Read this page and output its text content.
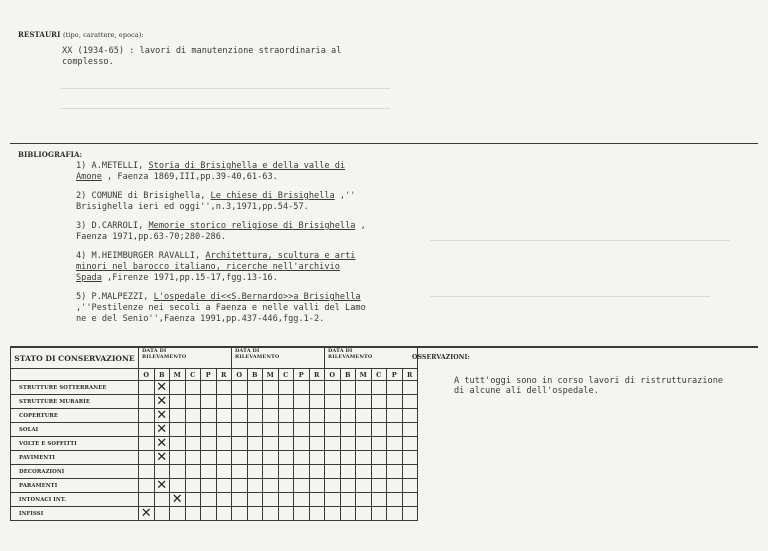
RESTAURI (tipo, carattere, epoca):
XX (1934-65) : lavori di manutenzione straordinaria al
complesso.
BIBLIOGRAFIA:
1) A.METELLI, Storia di Brisighella e della valle di
Amone , Faenza 1869,III,pp.39-40,61-63.
2) COMUNE di Brisighella, Le chiese di Brisighella ,''
Brisighella ieri ed oggi'',n.3,1971,pp.54-57.
3) D.CARROLI, Memorie storico religiose di Brisighella ,
Faenza 1971,pp.63-70;280-286.
4) M.HEIMBURGER RAVALLI, Architettura, scultura e arti
minori nel barocco italiano, ricerche nell'archivio
Spada ,Firenze 1971,pp.15-17,fgg.13-16.
5) P.MALPEZZI, L'ospedale di<<S.Bernardo>>a Brisighella
,''Pestilenze nei secoli a Faenza e nelle valli del Lamo
ne e del Senio'',Faenza 1991,pp.437-446,fgg.1-2.
STATO DI CONSERVAZIONE	DATA DI
RILEVAMENTO						DATA DI
RILEVAMENTO						DATA DI
RILEVAMENTO					
	O	B	M	C	P	R	O	B	M	C	P	R	O	B	M	C	P	R
STRUTTURE SOTTERRANEE		✕																
STRUTTURE MURARIE		✕																
COPERTURE		✕																
SOLAI		✕																
VOLTE E SOFFITTI		✕																
PAVIMENTI		✕																
DECORAZIONI																		
PARAMENTI		✕																
INTONACI INT.			✕															
INFISSI	✕																	
OSSERVAZIONI:
A tutt'oggi sono in corso lavori di ristrutturazione
di alcune ali dell'ospedale.
